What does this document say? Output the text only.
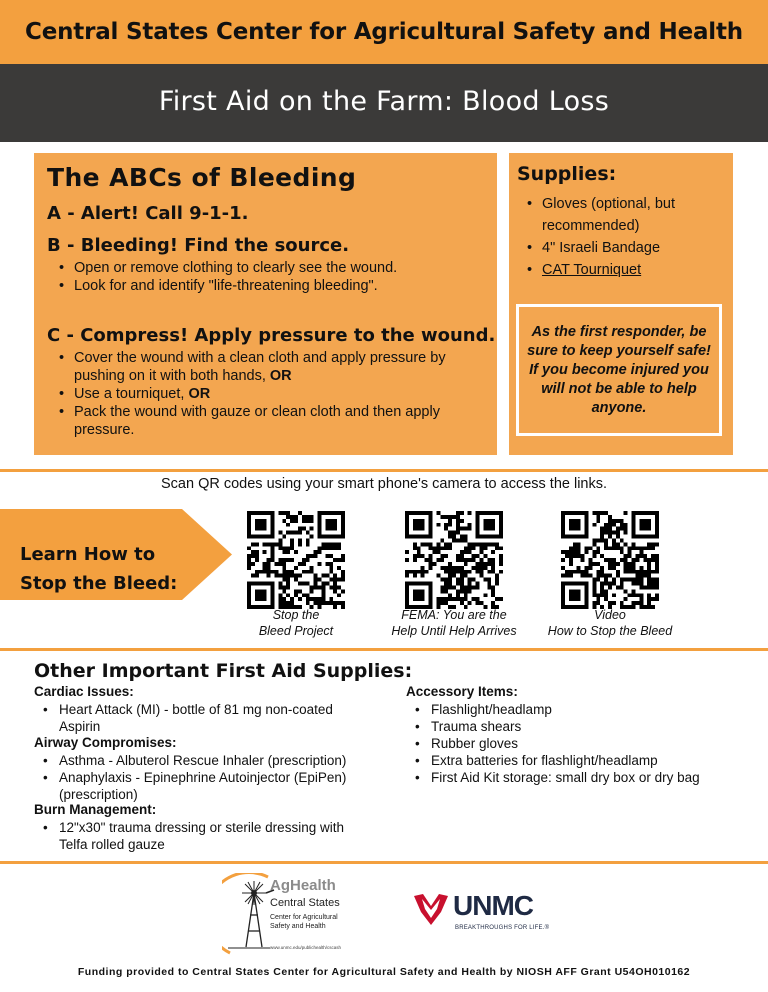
Central States Center for Agricultural Safety and Health
First Aid on the Farm: Blood Loss
The ABCs of Bleeding
A - Alert! Call 9-1-1.
B - Bleeding! Find the source.
• Open or remove clothing to clearly see the wound.
• Look for and identify "life-threatening bleeding".
C - Compress! Apply pressure to the wound.
• Cover the wound with a clean cloth and apply pressure by pushing on it with both hands, OR
• Use a tourniquet, OR
• Pack the wound with gauze or clean cloth and then apply pressure.
Supplies:
• Gloves (optional, but recommended)
• 4" Israeli Bandage
• CAT Tourniquet

As the first responder, be sure to keep yourself safe! If you become injured you will not be able to help anyone.

Scan QR codes using your smart phone's camera to access the links.
Learn How to
Stop the Bleed:
Stop the
Bleed Project
FEMA: You are the
Help Until Help Arrives
Video
How to Stop the Bleed
Other Important First Aid Supplies:
Cardiac Issues:
• Heart Attack (MI) - bottle of 81 mg non-coated Aspirin
Airway Compromises:
• Asthma - Albuterol Rescue Inhaler (prescription)
• Anaphylaxis - Epinephrine Autoinjector (EpiPen) (prescription)
Burn Management:
• 12"x30" trauma dressing or sterile dressing with Telfa rolled gauze
Accessory Items:
• Flashlight/headlamp
• Trauma shears
• Rubber gloves
• Extra batteries for flashlight/headlamp
• First Aid Kit storage: small dry box or dry bag
AgHealth
Central States
Center for Agricultural
Safety and Health
www.unmc.edu/publichealth/cscash
UNMC
BREAKTHROUGHS FOR LIFE.®
Funding provided to Central States Center for Agricultural Safety and Health by NIOSH AFF Grant U54OH010162
